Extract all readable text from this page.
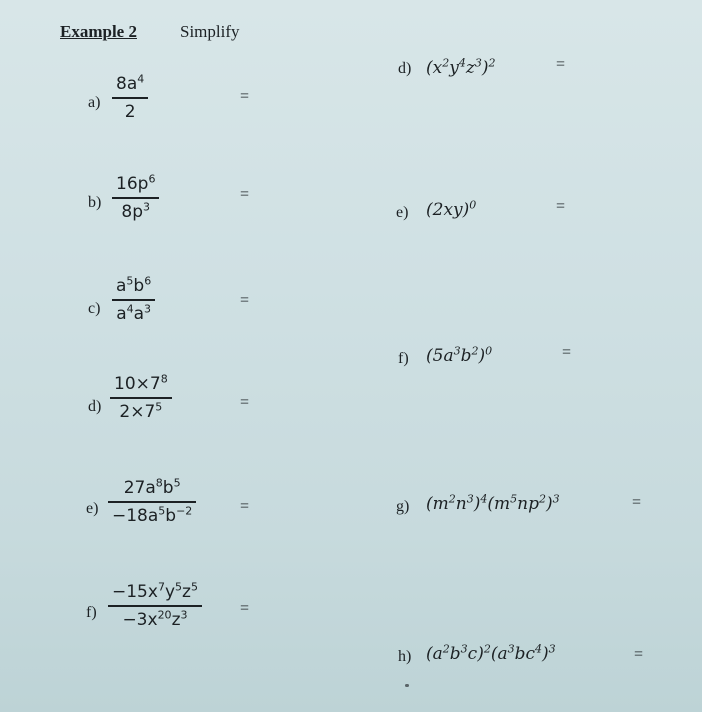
Example 2	Simplify
a)
$8a^4$
2
=
b)
$16p^6$
$8p^3$
=
c)
$a^5b^6$
$a^4a^3$	=
d)
$10\times 7^8$
$2\times 7^5$	=
e)
$27a^8b^5$
$-18a^5b^{-2}$	=
f)
$-15x^7y^5z^5$
$-3x^{20}z^3$	=
d) $(x^2y^4z^3)^2$	=
e) $(2xy)^0$	=
f) $(5a^3b^2)^0$	=
g) $(m^2n^3)^4(m^5np^2)^3$	=
h) $(a^2b^3c)^2(a^3bc^4)^3$	=
